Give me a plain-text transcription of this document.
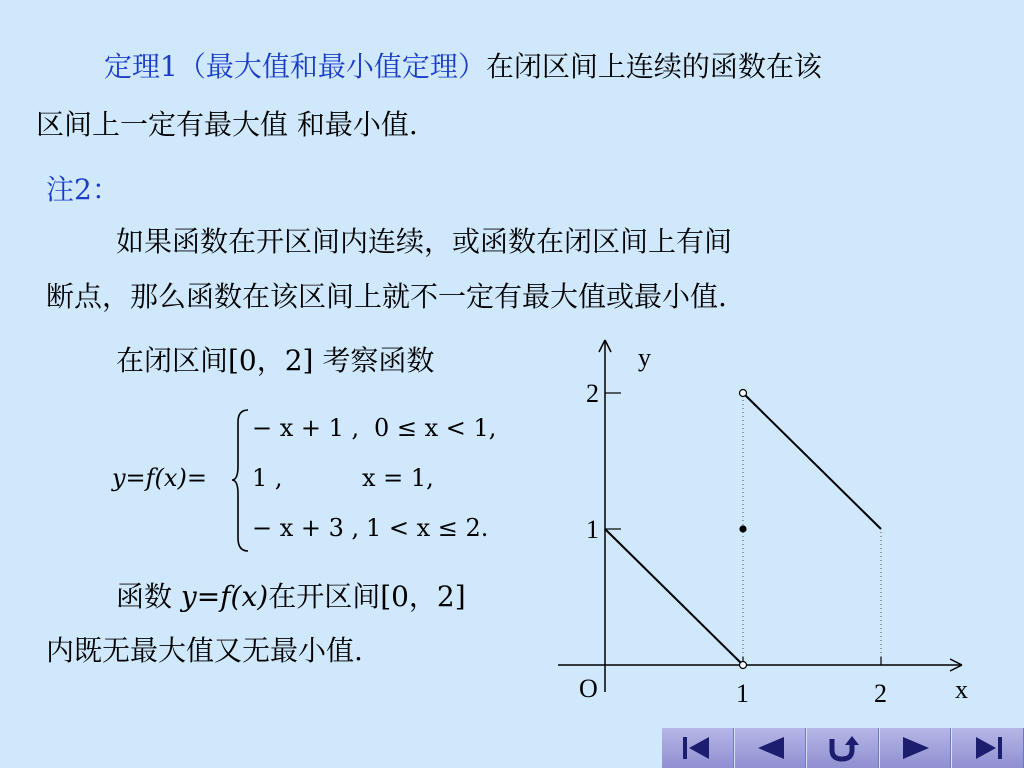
定理1（最大值和最小值定理）在闭区间上连续的函数在该
区间上一定有最大值 和最小值.
注2：
如果函数在开区间内连续，或函数在闭区间上有间
断点，那么函数在该区间上就不一定有最大值或最小值.
在闭区间[0，2] 考察函数
y=f(x)=
− x + 1 , 0 ≤ x < 1,
1 ,	x = 1,
− x + 3 , 1 < x ≤ 2.
函数 y=f(x)在开区间[0，2]
内既无最大值又无最小值.
x
y
O	1	2
1
2
